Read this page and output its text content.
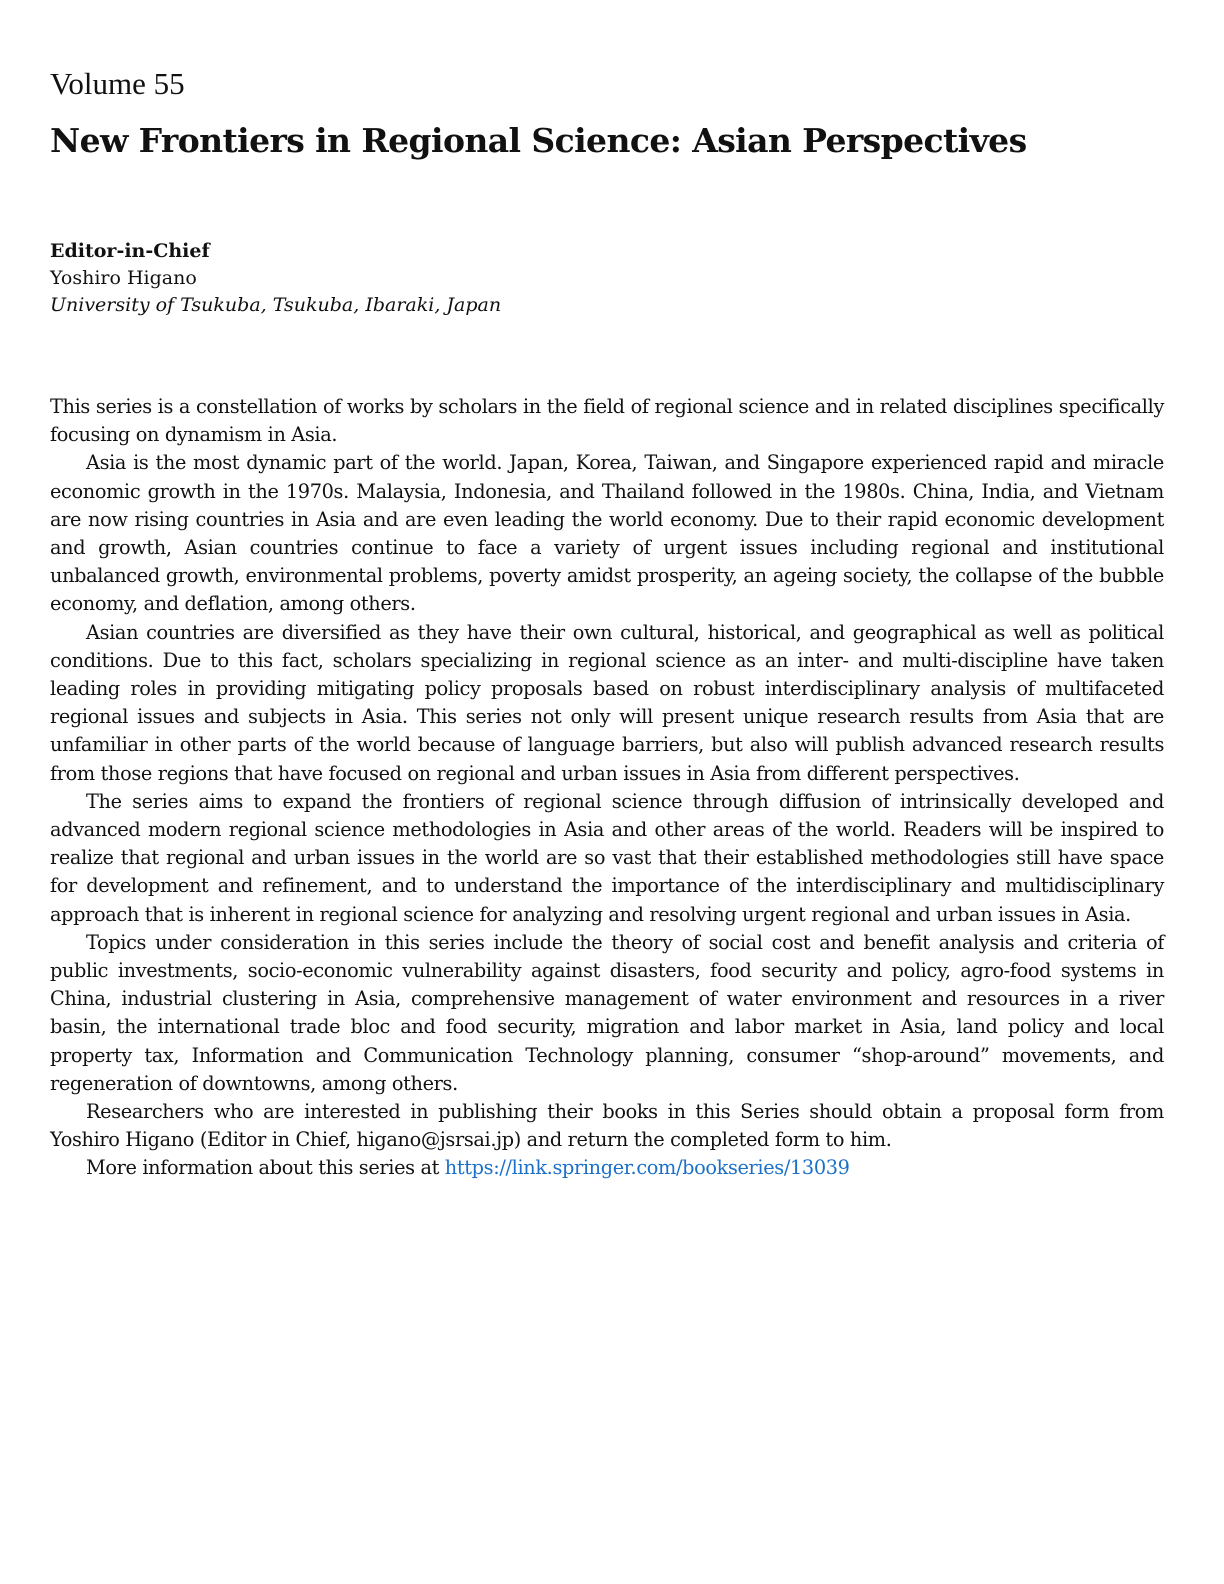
Volume 55
New Frontiers in Regional Science: Asian Perspectives
Editor-in-Chief
Yoshiro Higano
University of Tsukuba, Tsukuba, Ibaraki, Japan

This series is a constellation of works by scholars in the field of regional science and in related disciplines specifically focusing on dynamism in Asia.

Asia is the most dynamic part of the world. Japan, Korea, Taiwan, and Singapore experienced rapid and miracle economic growth in the 1970s. Malaysia, Indonesia, and Thailand followed in the 1980s. China, India, and Vietnam are now rising countries in Asia and are even leading the world economy. Due to their rapid economic development and growth, Asian countries continue to face a variety of urgent issues including regional and institutional unbalanced growth, environmental problems, poverty amidst prosperity, an ageing society, the collapse of the bubble economy, and deflation, among others.

Asian countries are diversified as they have their own cultural, historical, and geographical as well as political conditions. Due to this fact, scholars specializing in regional science as an inter- and multi-discipline have taken leading roles in providing mitigating policy proposals based on robust interdisciplinary analysis of multifaceted regional issues and subjects in Asia. This series not only will present unique research results from Asia that are unfamiliar in other parts of the world because of language barriers, but also will publish advanced research results from those regions that have focused on regional and urban issues in Asia from different perspectives.

The series aims to expand the frontiers of regional science through diffusion of intrinsically developed and advanced modern regional science methodologies in Asia and other areas of the world. Readers will be inspired to realize that regional and urban issues in the world are so vast that their established methodologies still have space for development and refinement, and to understand the importance of the interdisciplinary and multidisciplinary approach that is inherent in regional science for analyzing and resolving urgent regional and urban issues in Asia.

Topics under consideration in this series include the theory of social cost and benefit analysis and criteria of public investments, socio-economic vulnerability against disasters, food security and policy, agro-food systems in China, industrial clustering in Asia, comprehensive management of water environment and resources in a river basin, the international trade bloc and food security, migration and labor market in Asia, land policy and local property tax, Information and Communication Technology planning, consumer “shop-around” movements, and regeneration of downtowns, among others.

Researchers who are interested in publishing their books in this Series should obtain a proposal form from Yoshiro Higano (Editor in Chief, higano@jsrsai.jp) and return the completed form to him.

More information about this series at https://link.springer.com/bookseries/13039
